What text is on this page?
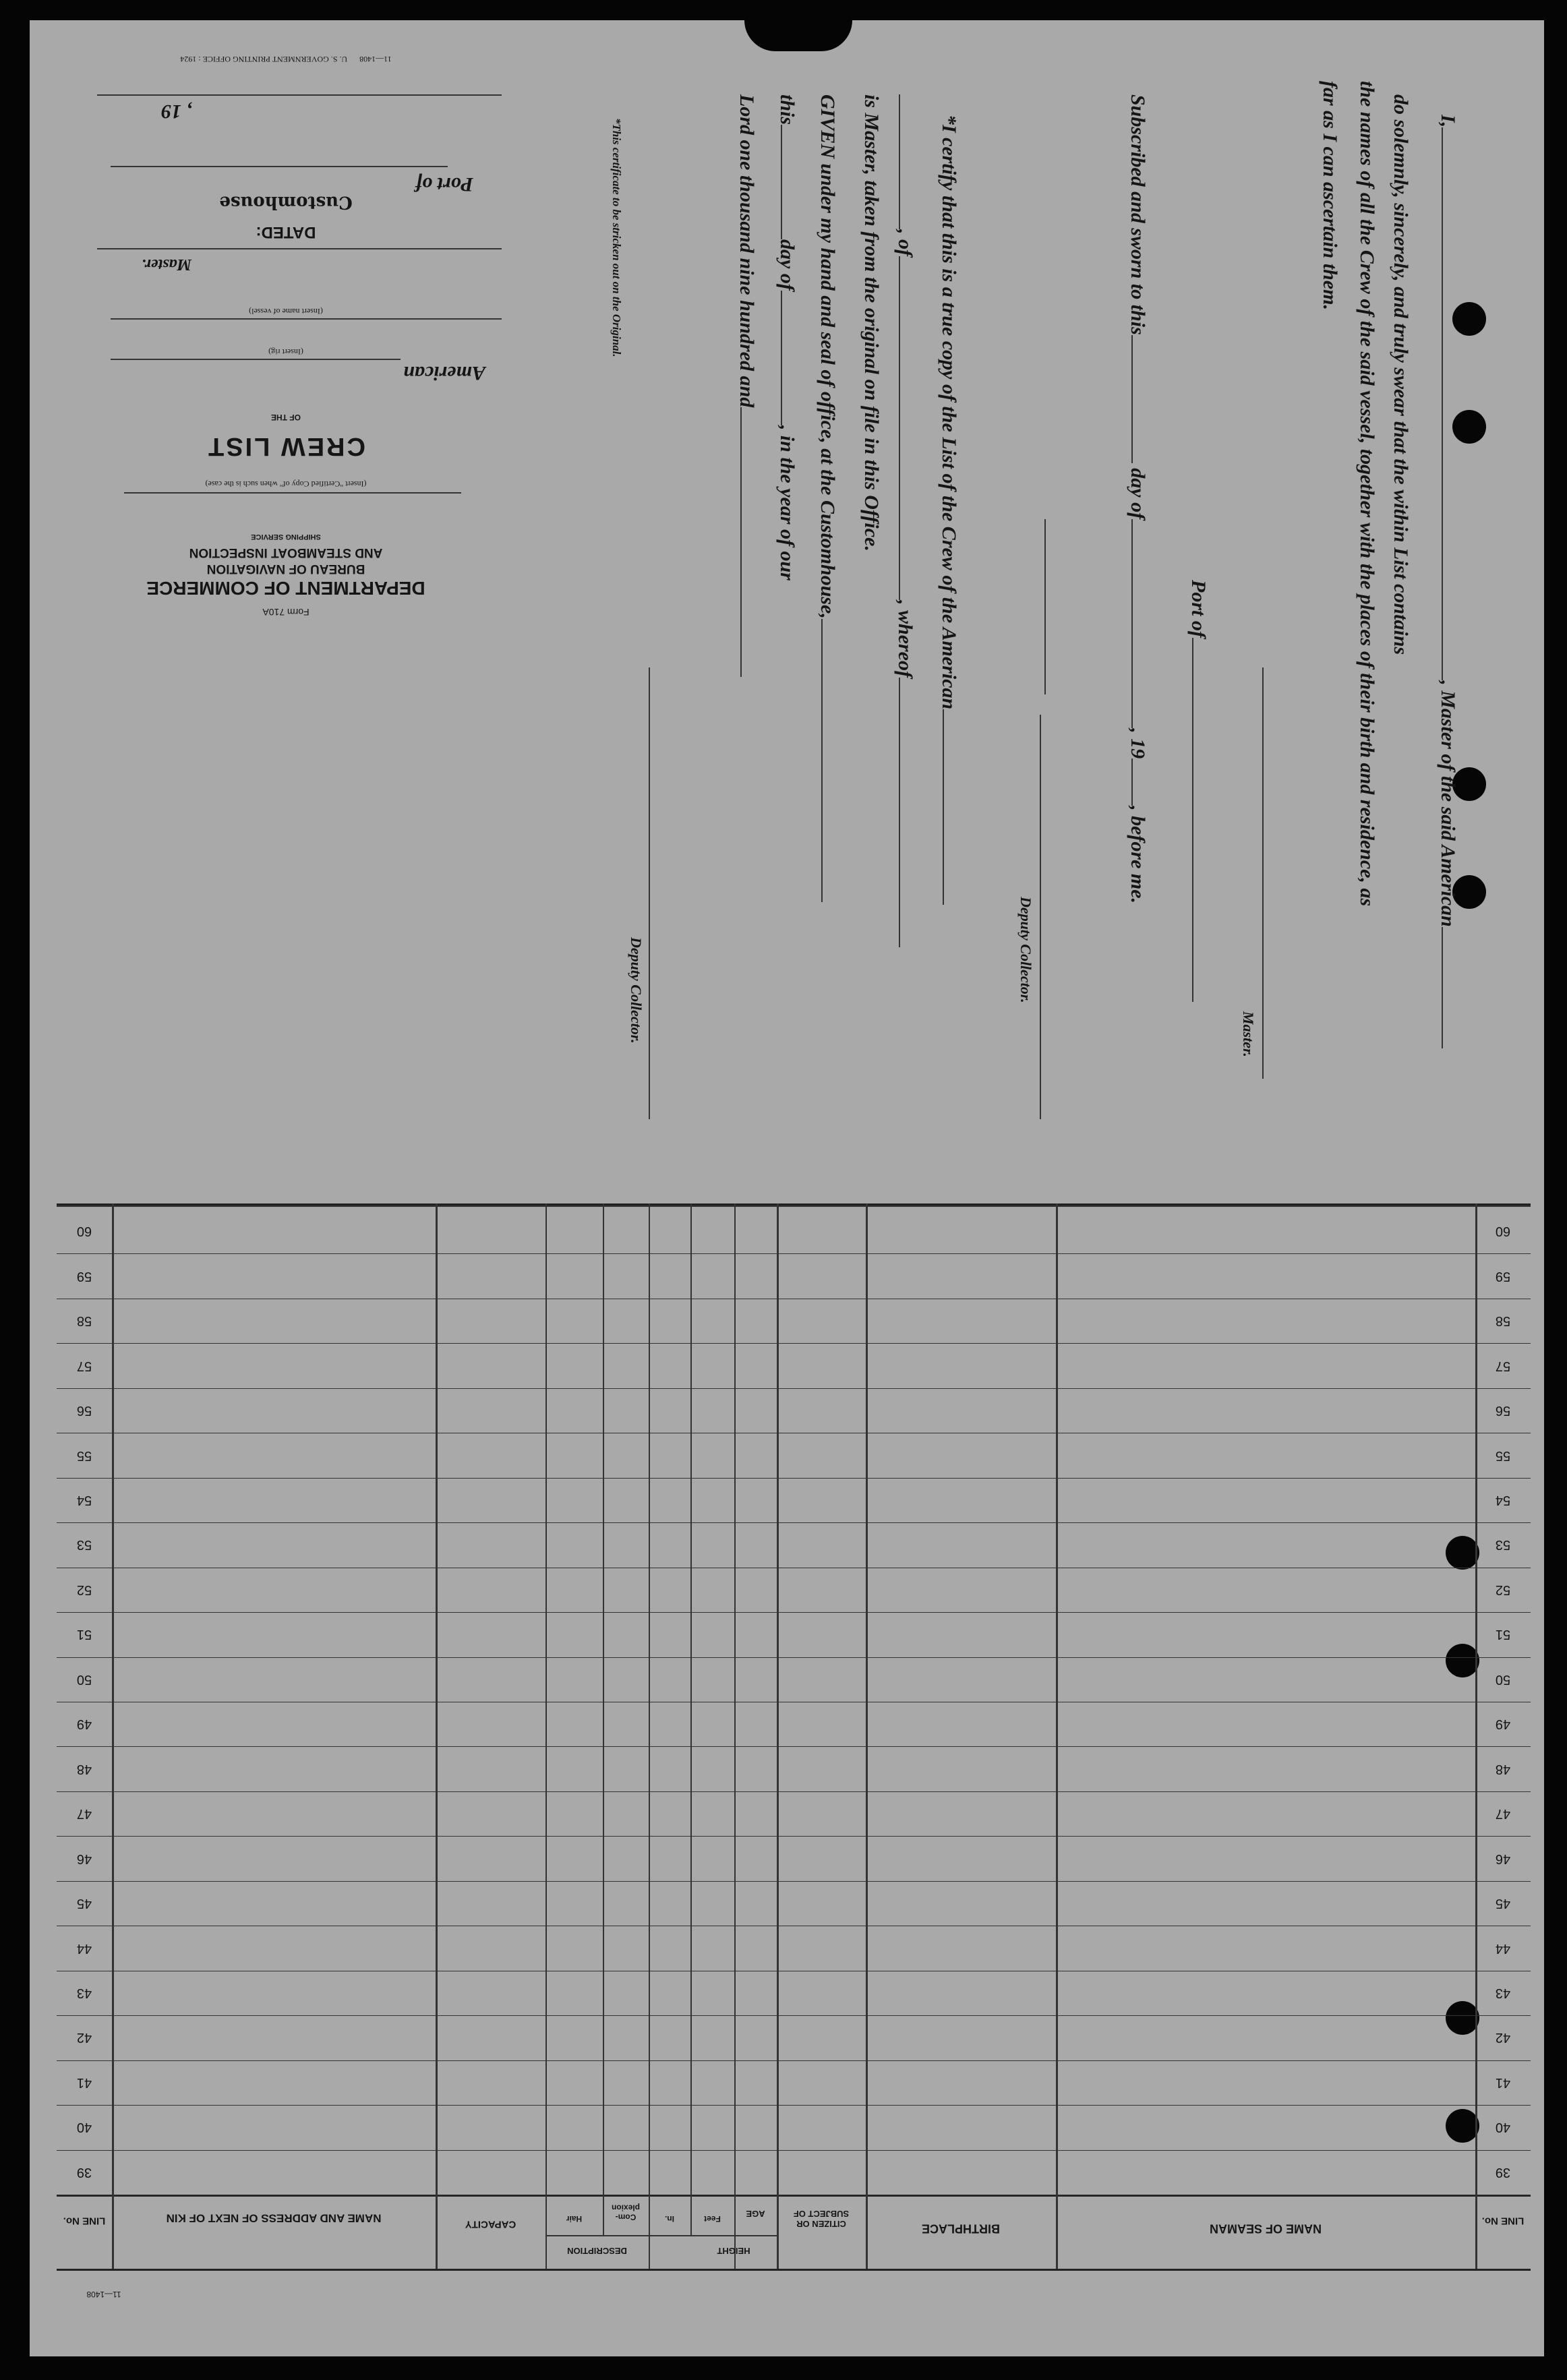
I,, Master of the said American
do solemnly, sincerely, and truly swear that the within List contains
the names of all the Crew of the said vessel, together with the places of their birth and residence, as
far as I can ascertain them.
Master.
Port of
Subscribed and sworn to this day of, 19, before me.
Deputy Collector.
*I certify that this is a true copy of the List of the Crew of the American
, of, whereof
is Master, taken from the original on file in this Office.
GIVEN under my hand and seal of office, at the Customhouse,
thisday of, in the year of our
Lord one thousand nine hundred and
Deputy Collector.
*This certificate to be stricken out on the Original.
11—1408      U. S. GOVERNMENT PRINTING OFFICE : 1924
, 19
Port of
Customhouse
DATED:
Master.
(Insert name of vessel)
(Insert rig)
American
OF THE
CREW LIST
(Insert "Certified Copy of" when such is the case)
SHIPPING SERVICE
AND STEAMBOAT INSPECTION
BUREAU OF NAVIGATION
DEPARTMENT OF COMMERCE
Form 710A
39
39
40
40
41
41
42
42
43
43
44
44
45
45
46
46
47
47
48
48
49
49
50
50
51
51
52
52
53
53
54
54
55
55
56
56
57
57
58
58
59
59
60
60
LINE No.
NAME OF SEAMAN
BIRTHPLACE
CITIZEN OR SUBJECT OF
AGE
HEIGHT
Feet
In.
DESCRIPTION
Com- plexion
Hair
CAPACITY
NAME AND ADDRESS OF NEXT OF KIN
LINE No.
11—1408
